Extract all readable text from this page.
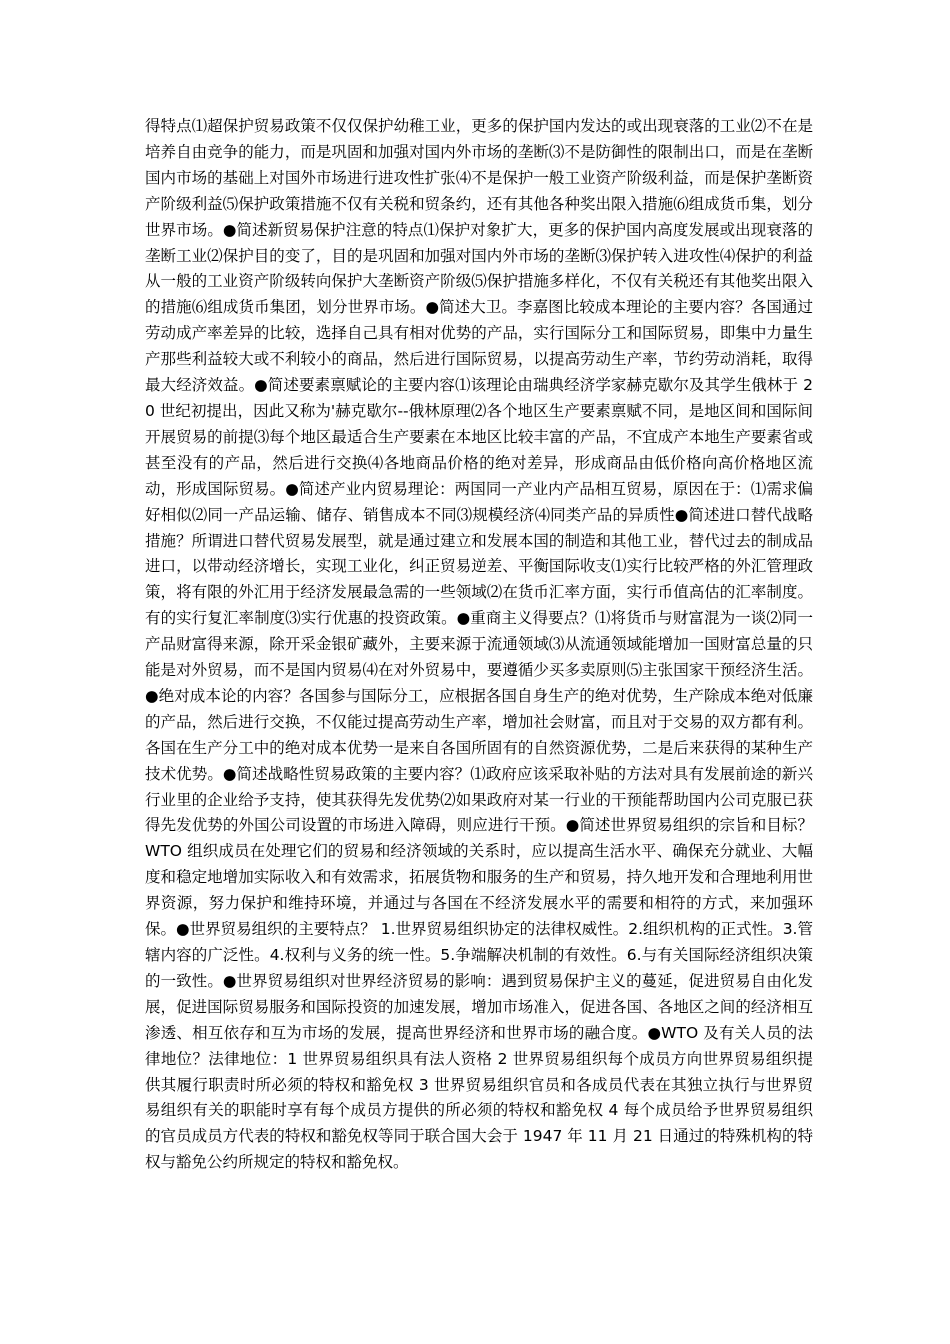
得特点⑴超保护贸易政策不仅仅保护幼稚工业，更多的保护国内发达的或出现衰落的工业⑵不在是培养自由竞争的能力，而是巩固和加强对国内外市场的垄断⑶不是防御性的限制出口，而是在垄断国内市场的基础上对国外市场进行进攻性扩张⑷不是保护一般工业资产阶级利益，而是保护垄断资产阶级利益⑸保护政策措施不仅有关税和贸条约，还有其他各种奖出限入措施⑹组成货币集，划分世界市场。●简述新贸易保护注意的特点⑴保护对象扩大，更多的保护国内高度发展或出现衰落的垄断工业⑵保护目的变了，目的是巩固和加强对国内外市场的垄断⑶保护转入进攻性⑷保护的利益从一般的工业资产阶级转向保护大垄断资产阶级⑸保护措施多样化，不仅有关税还有其他奖出限入的措施⑹组成货币集团，划分世界市场。●简述大卫。李嘉图比较成本理论的主要内容？各国通过劳动成产率差异的比较，选择自己具有相对优势的产品，实行国际分工和国际贸易，即集中力量生产那些利益较大或不利较小的商品，然后进行国际贸易，以提高劳动生产率，节约劳动消耗，取得最大经济效益。●简述要素禀赋论的主要内容⑴该理论由瑞典经济学家赫克歇尔及其学生俄林于 20 世纪初提出，因此又称为'赫克歇尔--俄林原理⑵各个地区生产要素禀赋不同，是地区间和国际间开展贸易的前提⑶每个地区最适合生产要素在本地区比较丰富的产品，不宜成产本地生产要素省或甚至没有的产品，然后进行交换⑷各地商品价格的绝对差异，形成商品由低价格向高价格地区流动，形成国际贸易。●简述产业内贸易理论：两国同一产业内产品相互贸易，原因在于：⑴需求偏好相似⑵同一产品运输、储存、销售成本不同⑶规模经济⑷同类产品的异质性●简述进口替代战略措施？所谓进口替代贸易发展型，就是通过建立和发展本国的制造和其他工业，替代过去的制成品进口，以带动经济增长，实现工业化，纠正贸易逆差、平衡国际收支⑴实行比较严格的外汇管理政策，将有限的外汇用于经济发展最急需的一些领域⑵在货币汇率方面，实行币值高估的汇率制度。有的实行复汇率制度⑶实行优惠的投资政策。●重商主义得要点？⑴将货币与财富混为一谈⑵同一产品财富得来源，除开采金银矿藏外，主要来源于流通领域⑶从流通领域能增加一国财富总量的只能是对外贸易，而不是国内贸易⑷在对外贸易中，要遵循少买多卖原则⑸主张国家干预经济生活。●绝对成本论的内容？各国参与国际分工，应根据各国自身生产的绝对优势，生产除成本绝对低廉的产品，然后进行交换，不仅能过提高劳动生产率，增加社会财富，而且对于交易的双方都有利。各国在生产分工中的绝对成本优势一是来自各国所固有的自然资源优势，二是后来获得的某种生产技术优势。●简述战略性贸易政策的主要内容？⑴政府应该采取补贴的方法对具有发展前途的新兴行业里的企业给予支持，使其获得先发优势⑵如果政府对某一行业的干预能帮助国内公司克服已获得先发优势的外国公司设置的市场进入障碍，则应进行干预。●简述世界贸易组织的宗旨和目标？ WTO 组织成员在处理它们的贸易和经济领域的关系时，应以提高生活水平、确保充分就业、大幅度和稳定地增加实际收入和有效需求，拓展货物和服务的生产和贸易，持久地开发和合理地利用世界资源，努力保护和维持环境，并通过与各国在不经济发展水平的需要和相符的方式，来加强环保。●世界贸易组织的主要特点？ 1.世界贸易组织协定的法律权威性。2.组织机构的正式性。3.管辖内容的广泛性。4.权利与义务的统一性。5.争端解决机制的有效性。6.与有关国际经济组织决策的一致性。●世界贸易组织对世界经济贸易的影响：遇到贸易保护主义的蔓延，促进贸易自由化发展，促进国际贸易服务和国际投资的加速发展，增加市场准入，促进各国、各地区之间的经济相互渗透、相互依存和互为市场的发展，提高世界经济和世界市场的融合度。●WTO 及有关人员的法律地位？法律地位：1 世界贸易组织具有法人资格 2 世界贸易组织每个成员方向世界贸易组织提供其履行职责时所必须的特权和豁免权 3 世界贸易组织官员和各成员代表在其独立执行与世界贸易组织有关的职能时享有每个成员方提供的所必须的特权和豁免权 4 每个成员给予世界贸易组织的官员成员方代表的特权和豁免权等同于联合国大会于 1947 年 11 月 21 日通过的特殊机构的特权与豁免公约所规定的特权和豁免权。
